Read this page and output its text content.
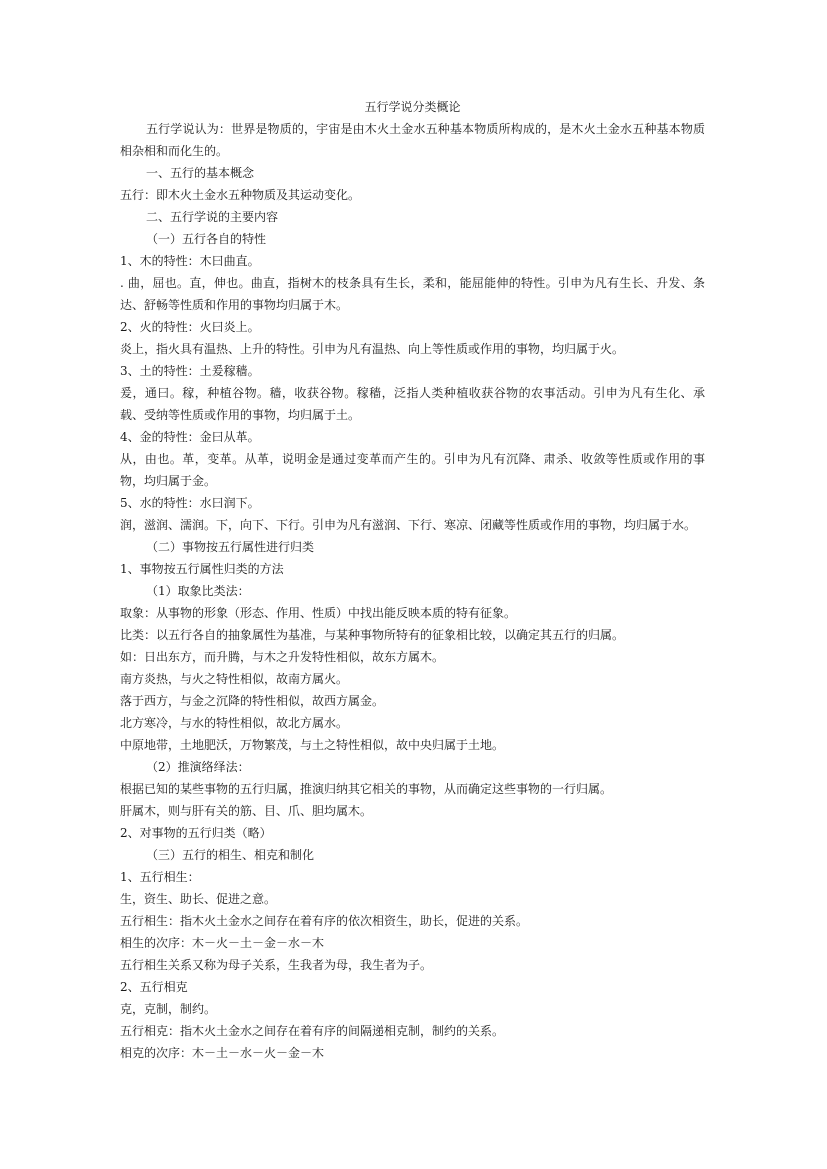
五行学说分类概论

五行学说认为：世界是物质的，宇宙是由木火土金水五种基本物质所构成的，是木火土金水五种基本物质相杂相和而化生的。

一、五行的基本概念

五行：即木火土金水五种物质及其运动变化。

二、五行学说的主要内容

（一）五行各自的特性

1、木的特性：木曰曲直。

. 曲，屈也。直，伸也。曲直，指树木的枝条具有生长，柔和，能屈能伸的特性。引申为凡有生长、升发、条达、舒畅等性质和作用的事物均归属于木。

2、火的特性：火曰炎上。

炎上，指火具有温热、上升的特性。引申为凡有温热、向上等性质或作用的事物，均归属于火。

3、土的特性：土爰稼穑。

爰，通曰。稼，种植谷物。穑，收获谷物。稼穑，泛指人类种植收获谷物的农事活动。引申为凡有生化、承载、受纳等性质或作用的事物，均归属于土。

4、金的特性：金曰从革。

从，由也。革，变革。从革，说明金是通过变革而产生的。引申为凡有沉降、肃杀、收敛等性质或作用的事物，均归属于金。

5、水的特性：水曰润下。

润，滋润、濡润。下，向下、下行。引申为凡有滋润、下行、寒凉、闭藏等性质或作用的事物，均归属于水。

（二）事物按五行属性进行归类

1、事物按五行属性归类的方法

（1）取象比类法：

取象：从事物的形象（形态、作用、性质）中找出能反映本质的特有征象。

比类：以五行各自的抽象属性为基准，与某种事物所特有的征象相比较，以确定其五行的归属。

如：日出东方，而升腾，与木之升发特性相似，故东方属木。

南方炎热，与火之特性相似，故南方属火。

落于西方，与金之沉降的特性相似，故西方属金。

北方寒冷，与水的特性相似，故北方属水。

中原地带，土地肥沃，万物繁茂，与土之特性相似，故中央归属于土地。

（2）推演络绎法：

根据已知的某些事物的五行归属，推演归纳其它相关的事物，从而确定这些事物的一行归属。

肝属木，则与肝有关的筋、目、爪、胆均属木。

2、对事物的五行归类（略）

（三）五行的相生、相克和制化

1、五行相生：

生，资生、助长、促进之意。

五行相生：指木火土金水之间存在着有序的依次相资生，助长，促进的关系。

相生的次序：木－火－土－金－水－木

五行相生关系又称为母子关系，生我者为母，我生者为子。

2、五行相克

克，克制，制约。

五行相克：指木火土金水之间存在着有序的间隔递相克制，制约的关系。

相克的次序：木－土－水－火－金－木
